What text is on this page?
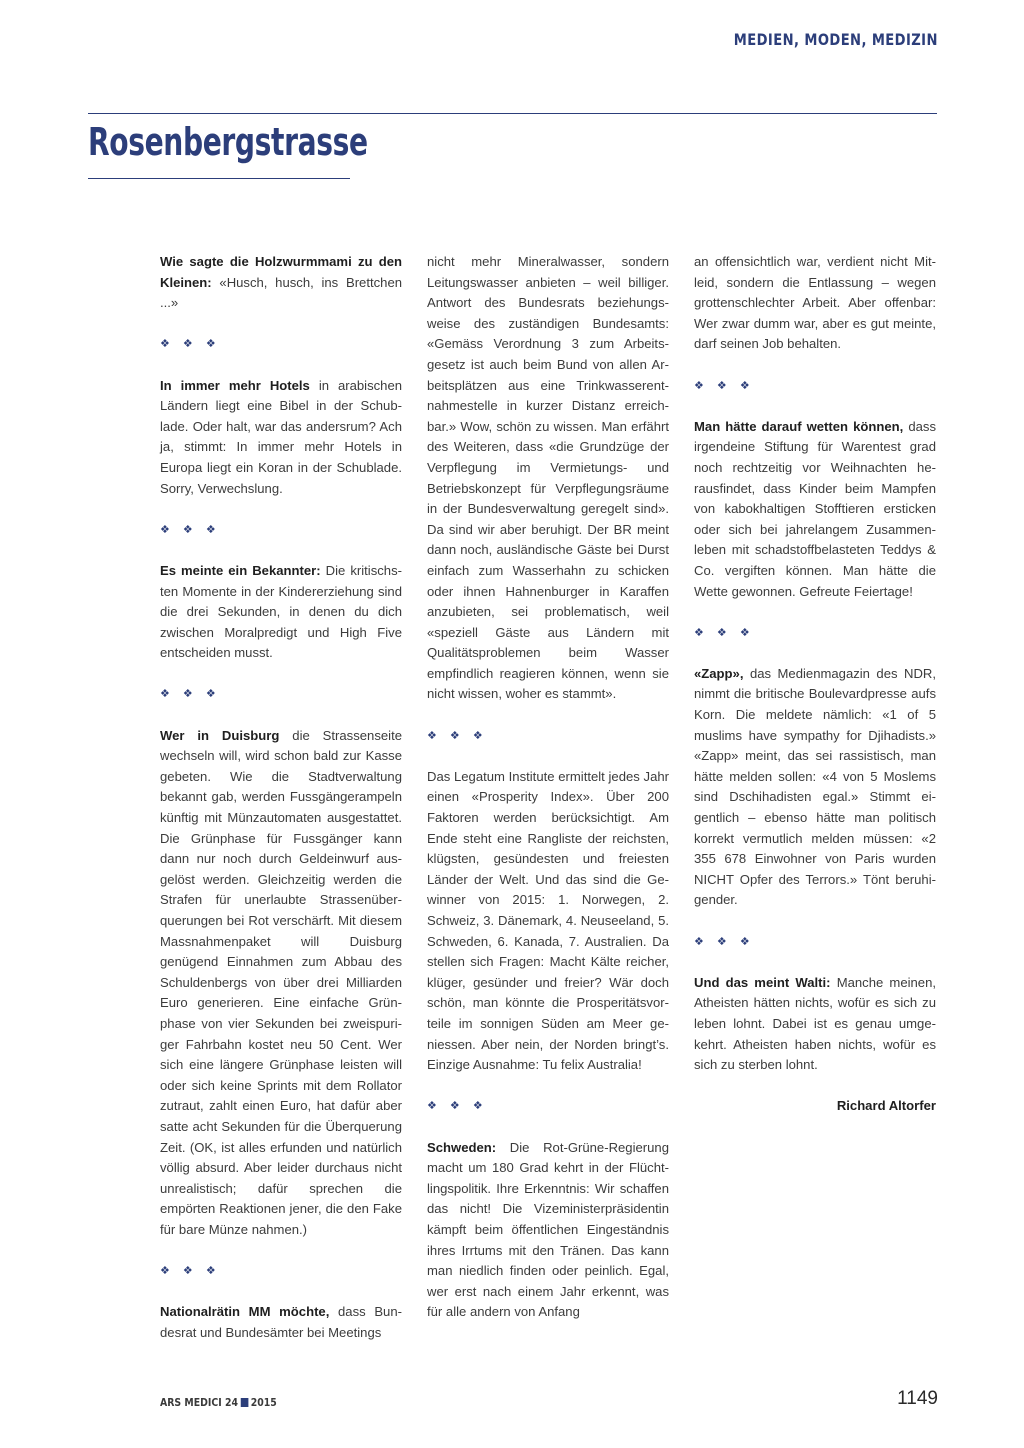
MEDIEN, MODEN, MEDIZIN
Rosenbergstrasse

Wie sagte die Holzwurmmami zu den Kleinen: «Husch, husch, ins Brettchen ...»

❖ ❖ ❖

In immer mehr Hotels in arabischen Ländern liegt eine Bibel in der Schublade. Oder halt, war das andersrum? Ach ja, stimmt: In immer mehr Hotels in Europa liegt ein Koran in der Schublade. Sorry, Verwechslung.

❖ ❖ ❖

Es meinte ein Bekannter: Die kritischsten Momente in der Kindererziehung sind die drei Sekunden, in denen du dich zwischen Moralpredigt und High Five entscheiden musst.

❖ ❖ ❖

Wer in Duisburg die Strassenseite wechseln will, wird schon bald zur Kasse gebeten. Wie die Stadtverwaltung bekannt gab, werden Fussgängerampeln künftig mit Münzautomaten ausgestattet. Die Grünphase für Fussgänger kann dann nur noch durch Geldeinwurf ausgelöst werden. Gleichzeitig werden die Strafen für unerlaubte Strassenüberquerungen bei Rot verschärft. Mit diesem Massnahmenpaket will Duisburg genügend Einnahmen zum Abbau des Schuldenbergs von über drei Milliarden Euro generieren. Eine einfache Grünphase von vier Sekunden bei zweispuriger Fahrbahn kostet neu 50 Cent. Wer sich eine längere Grünphase leisten will oder sich keine Sprints mit dem Rollator zutraut, zahlt einen Euro, hat dafür aber satte acht Sekunden für die Überquerung Zeit. (OK, ist alles erfunden und natürlich völlig absurd. Aber leider durchaus nicht unrealistisch; dafür sprechen die empörten Reaktionen jener, die den Fake für bare Münze nahmen.)

❖ ❖ ❖

Nationalrätin MM möchte, dass Bundesrat und Bundesämter bei Meetings

nicht mehr Mineralwasser, sondern Leitungswasser anbieten – weil billiger. Antwort des Bundesrats beziehungsweise des zuständigen Bundesamts: «Gemäss Verordnung 3 zum Arbeitsgesetz ist auch beim Bund von allen Arbeitsplätzen aus eine Trinkwasserentnahmestelle in kurzer Distanz erreichbar.» Wow, schön zu wissen. Man erfährt des Weiteren, dass «die Grundzüge der Verpflegung im Vermietungs- und Betriebskonzept für Verpflegungsräume in der Bundesverwaltung geregelt sind». Da sind wir aber beruhigt. Der BR meint dann noch, ausländische Gäste bei Durst einfach zum Wasserhahn zu schicken oder ihnen Hahnenburger in Karaffen anzubieten, sei problematisch, weil «speziell Gäste aus Ländern mit Qualitätsproblemen beim Wasser empfindlich reagieren können, wenn sie nicht wissen, woher es stammt».

❖ ❖ ❖

Das Legatum Institute ermittelt jedes Jahr einen «Prosperity Index». Über 200 Faktoren werden berücksichtigt. Am Ende steht eine Rangliste der reichsten, klügsten, gesündesten und freiesten Länder der Welt. Und das sind die Gewinner von 2015: 1. Norwegen, 2. Schweiz, 3. Dänemark, 4. Neuseeland, 5. Schweden, 6. Kanada, 7. Australien. Da stellen sich Fragen: Macht Kälte reicher, klüger, gesünder und freier? Wär doch schön, man könnte die Prosperitätsvorteile im sonnigen Süden am Meer geniessen. Aber nein, der Norden bringt’s. Einzige Ausnahme: Tu felix Australia!

❖ ❖ ❖

Schweden: Die Rot-Grüne-Regierung macht um 180 Grad kehrt in der Flüchtlingspolitik. Ihre Erkenntnis: Wir schaffen das nicht! Die Vizeministerpräsidentin kämpft beim öffentlichen Eingeständnis ihres Irrtums mit den Tränen. Das kann man niedlich finden oder peinlich. Egal, wer erst nach einem Jahr erkennt, was für alle andern von Anfang

an offensichtlich war, verdient nicht Mitleid, sondern die Entlassung – wegen grottenschlechter Arbeit. Aber offenbar: Wer zwar dumm war, aber es gut meinte, darf seinen Job behalten.

❖ ❖ ❖

Man hätte darauf wetten können, dass irgendeine Stiftung für Warentest grad noch rechtzeitig vor Weihnachten herausfindet, dass Kinder beim Mampfen von kabokhaltigen Stofftieren ersticken oder sich bei jahrelangem Zusammenleben mit schadstoffbelasteten Teddys & Co. vergiften können. Man hätte die Wette gewonnen. Gefreute Feiertage!

❖ ❖ ❖

«Zapp», das Medienmagazin des NDR, nimmt die britische Boulevardpresse aufs Korn. Die meldete nämlich: «1 of 5 muslims have sympathy for Djihadists.» «Zapp» meint, das sei rassistisch, man hätte melden sollen: «4 von 5 Moslems sind Dschihadisten egal.» Stimmt eigentlich – ebenso hätte man politisch korrekt vermutlich melden müssen: «2 355 678 Einwohner von Paris wurden NICHT Opfer des Terrors.» Tönt beruhigender.

❖ ❖ ❖

Und das meint Walti: Manche meinen, Atheisten hätten nichts, wofür es sich zu leben lohnt. Dabei ist es genau umgekehrt. Atheisten haben nichts, wofür es sich zu sterben lohnt.

Richard Altorfer

ARS MEDICI 24 2015	1149
